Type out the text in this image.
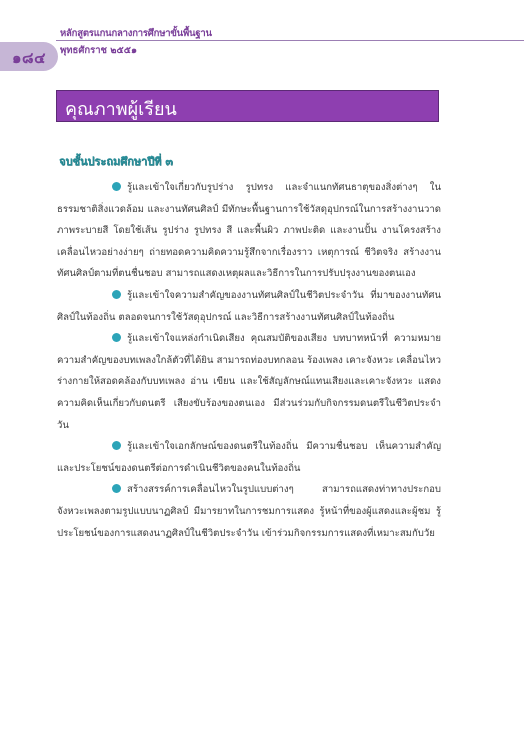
หลักสูตรแกนกลางการศึกษาขั้นพื้นฐาน
๑๘๔ พุทธศักราช ๒๕๕๑
คุณภาพผู้เรียน
จบชั้นประถมศึกษาปีที่ ๓

รู้และเข้าใจเกี่ยวกับรูปร่าง รูปทรง และจำแนกทัศนธาตุของสิ่งต่างๆ ในธรรมชาติสิ่งแวดล้อม และงานทัศนศิลป์ มีทักษะพื้นฐานการใช้วัสดุอุปกรณ์ในการสร้างงานวาดภาพระบายสี โดยใช้เส้น รูปร่าง รูปทรง สี และพื้นผิว ภาพปะติด และงานปั้น งานโครงสร้างเคลื่อนไหวอย่างง่ายๆ ถ่ายทอดความคิดความรู้สึกจากเรื่องราว เหตุการณ์ ชีวิตจริง สร้างงานทัศนศิลป์ตามที่ตนชื่นชอบ สามารถแสดงเหตุผลและวิธีการในการปรับปรุงงานของตนเอง

รู้และเข้าใจความสำคัญของงานทัศนศิลป์ในชีวิตประจำวัน ที่มาของงานทัศนศิลป์ในท้องถิ่น ตลอดจนการใช้วัสดุอุปกรณ์ และวิธีการสร้างงานทัศนศิลป์ในท้องถิ่น

รู้และเข้าใจแหล่งกำเนิดเสียง คุณสมบัติของเสียง บทบาทหน้าที่ ความหมาย ความสำคัญของบทเพลงใกล้ตัวที่ได้ยิน สามารถท่องบทกลอน ร้องเพลง เคาะจังหวะ เคลื่อนไหวร่างกายให้สอดคล้องกับบทเพลง อ่าน เขียน และใช้สัญลักษณ์แทนเสียงและเคาะจังหวะ แสดงความคิดเห็นเกี่ยวกับดนตรี เสียงขับร้องของตนเอง มีส่วนร่วมกับกิจกรรมดนตรีในชีวิตประจำวัน

รู้และเข้าใจเอกลักษณ์ของดนตรีในท้องถิ่น มีความชื่นชอบ เห็นความสำคัญและประโยชน์ของดนตรีต่อการดำเนินชีวิตของคนในท้องถิ่น

สร้างสรรค์การเคลื่อนไหวในรูปแบบต่างๆ สามารถแสดงท่าทางประกอบจังหวะเพลงตามรูปแบบนาฏศิลป์ มีมารยาทในการชมการแสดง รู้หน้าที่ของผู้แสดงและผู้ชม รู้ประโยชน์ของการแสดงนาฏศิลป์ในชีวิตประจำวัน เข้าร่วมกิจกรรมการแสดงที่เหมาะสมกับวัย
